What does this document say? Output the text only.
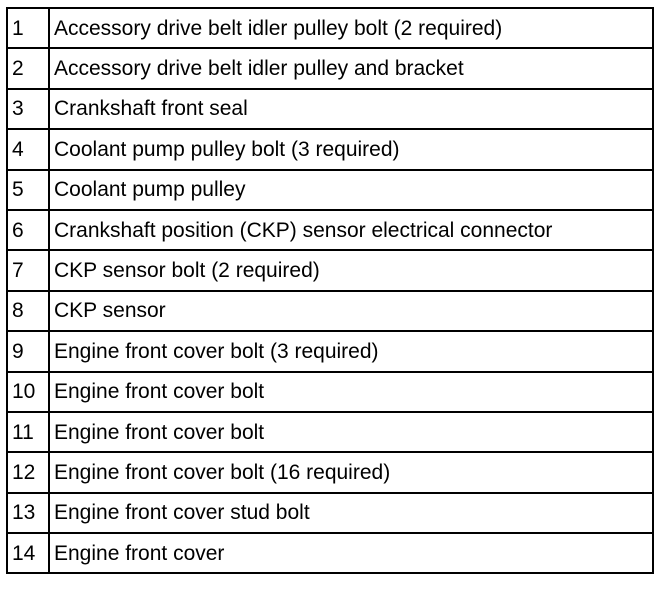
1	Accessory drive belt idler pulley bolt (2 required)
2	Accessory drive belt idler pulley and bracket
3	Crankshaft front seal
4	Coolant pump pulley bolt (3 required)
5	Coolant pump pulley
6	Crankshaft position (CKP) sensor electrical connector
7	CKP sensor bolt (2 required)
8	CKP sensor
9	Engine front cover bolt (3 required)
10	Engine front cover bolt
11	Engine front cover bolt
12	Engine front cover bolt (16 required)
13	Engine front cover stud bolt
14	Engine front cover
